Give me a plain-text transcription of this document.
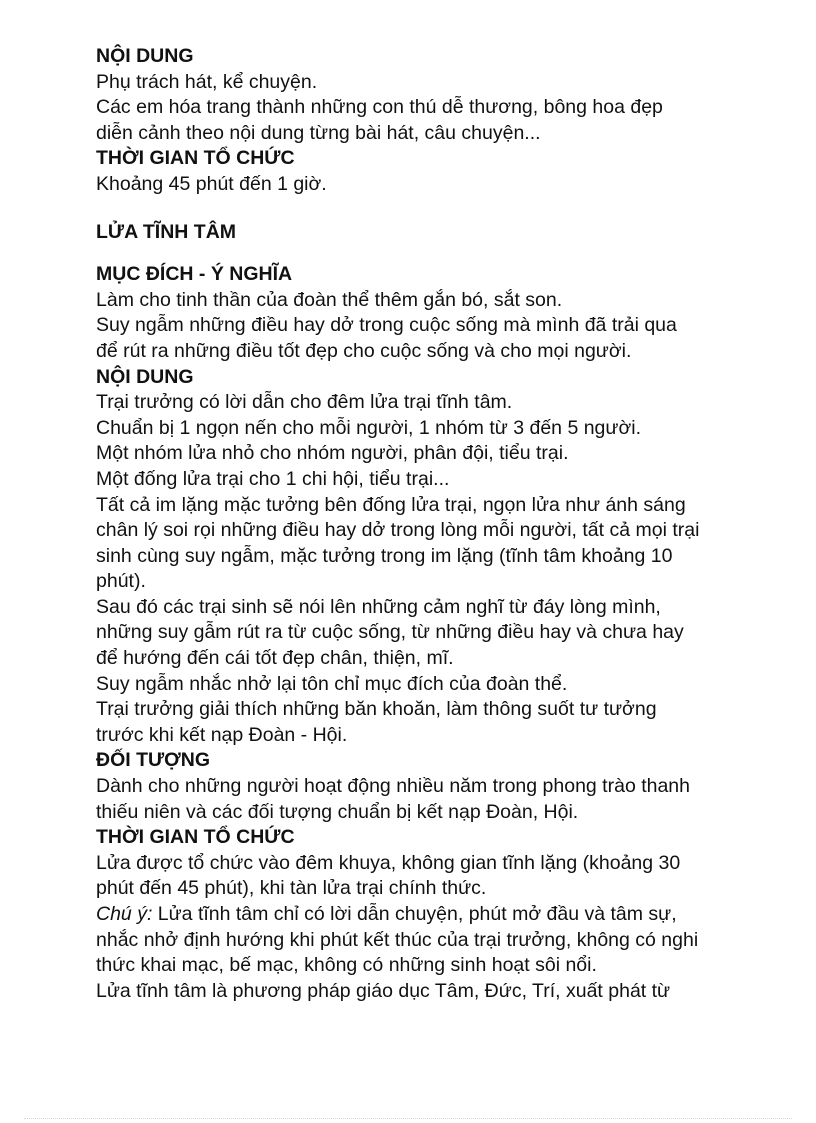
NỘI DUNG
Phụ trách hát, kể chuyện.
Các em hóa trang thành những con thú dễ thương, bông hoa đẹp
diễn cảnh theo nội dung từng bài hát, câu chuyện...
THỜI GIAN TỔ CHỨC
Khoảng 45 phút đến 1 giờ.
LỬA TĨNH TÂM
MỤC ĐÍCH - Ý NGHĨA
Làm cho tinh thần của đoàn thể thêm gắn bó, sắt son.
Suy ngẫm những điều hay dở trong cuộc sống mà mình đã trải qua
để rút ra những điều tốt đẹp cho cuộc sống và cho mọi người.
NỘI DUNG
Trại trưởng có lời dẫn cho đêm lửa trại tĩnh tâm.
Chuẩn bị 1 ngọn nến cho mỗi người, 1 nhóm từ 3 đến 5 người.
Một nhóm lửa nhỏ cho nhóm người, phân đội, tiểu trại.
Một đống lửa trại cho 1 chi hội, tiểu trại...
Tất cả im lặng mặc tưởng bên đống lửa trại, ngọn lửa như ánh sáng
chân lý soi rọi những điều hay dở trong lòng mỗi người, tất cả mọi trại
sinh cùng suy ngẫm, mặc tưởng trong im lặng (tĩnh tâm khoảng 10
phút).
Sau đó các trại sinh sẽ nói lên những cảm nghĩ từ đáy lòng mình,
những suy gẫm rút ra từ cuộc sống, từ những điều hay và chưa hay
để hướng đến cái tốt đẹp chân, thiện, mĩ.
Suy ngẫm nhắc nhở lại tôn chỉ mục đích của đoàn thể.
Trại trưởng giải thích những băn khoăn, làm thông suốt tư tưởng
trước khi kết nạp Đoàn - Hội.
ĐỐI TƯỢNG
Dành cho những người hoạt động nhiều năm trong phong trào thanh
thiếu niên và các đối tượng chuẩn bị kết nạp Đoàn, Hội.
THỜI GIAN TỔ CHỨC
Lửa được tổ chức vào đêm khuya, không gian tĩnh lặng (khoảng 30
phút đến 45 phút), khi tàn lửa trại chính thức.
Chú ý: Lửa tĩnh tâm chỉ có lời dẫn chuyện, phút mở đầu và tâm sự,
nhắc nhở định hướng khi phút kết thúc của trại trưởng, không có nghi
thức khai mạc, bế mạc, không có những sinh hoạt sôi nổi.
Lửa tĩnh tâm là phương pháp giáo dục Tâm, Đức, Trí, xuất phát từ
